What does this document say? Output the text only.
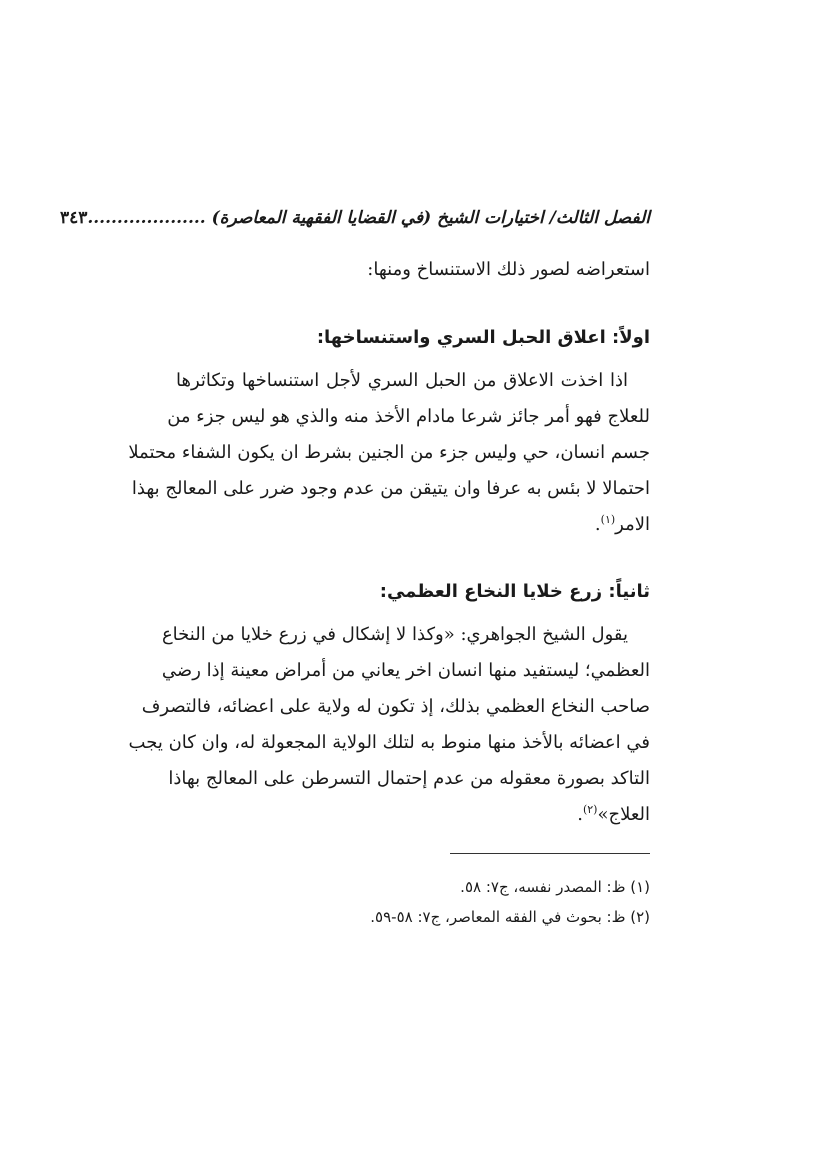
الفصل الثالث/ اختيارات الشيخ (في القضايا الفقهية المعاصرة) ....................
٣٤٣
استعراضه لصور ذلك الاستنساخ ومنها:
اولاً: اعلاق الحبل السري واستنساخها:
اذا اخذت الاعلاق من الحبل السري لأجل استنساخها وتكاثرها
للعلاج فهو أمر جائز شرعا مادام الأخذ منه والذي هو ليس جزء من
جسم انسان، حي وليس جزء من الجنين بشرط ان يكون الشفاء محتملا
احتمالا لا بئس به عرفا وان يتيقن من عدم وجود ضرر على المعالج بهذا
الامر$^{(١)}$.
ثانياً: زرع خلايا النخاع العظمي:
يقول الشيخ الجواهري: «وكذا لا إشكال في زرع خلايا من النخاع
العظمي؛ ليستفيد منها انسان اخر يعاني من أمراض معينة إذا رضي
صاحب النخاع العظمي بذلك، إذ تكون له ولاية على اعضائه، فالتصرف
في اعضائه بالأخذ منها منوط به لتلك الولاية المجعولة له، وان كان يجب
التاكد بصورة معقوله من عدم إحتمال التسرطن على المعالج بهاذا
العلاج»$^{(٢)}$.
(١) ظ: المصدر نفسه، ج٧: ٥٨.
(٢) ظ: بحوث في الفقه المعاصر، ج٧: ٥٨-٥٩.
